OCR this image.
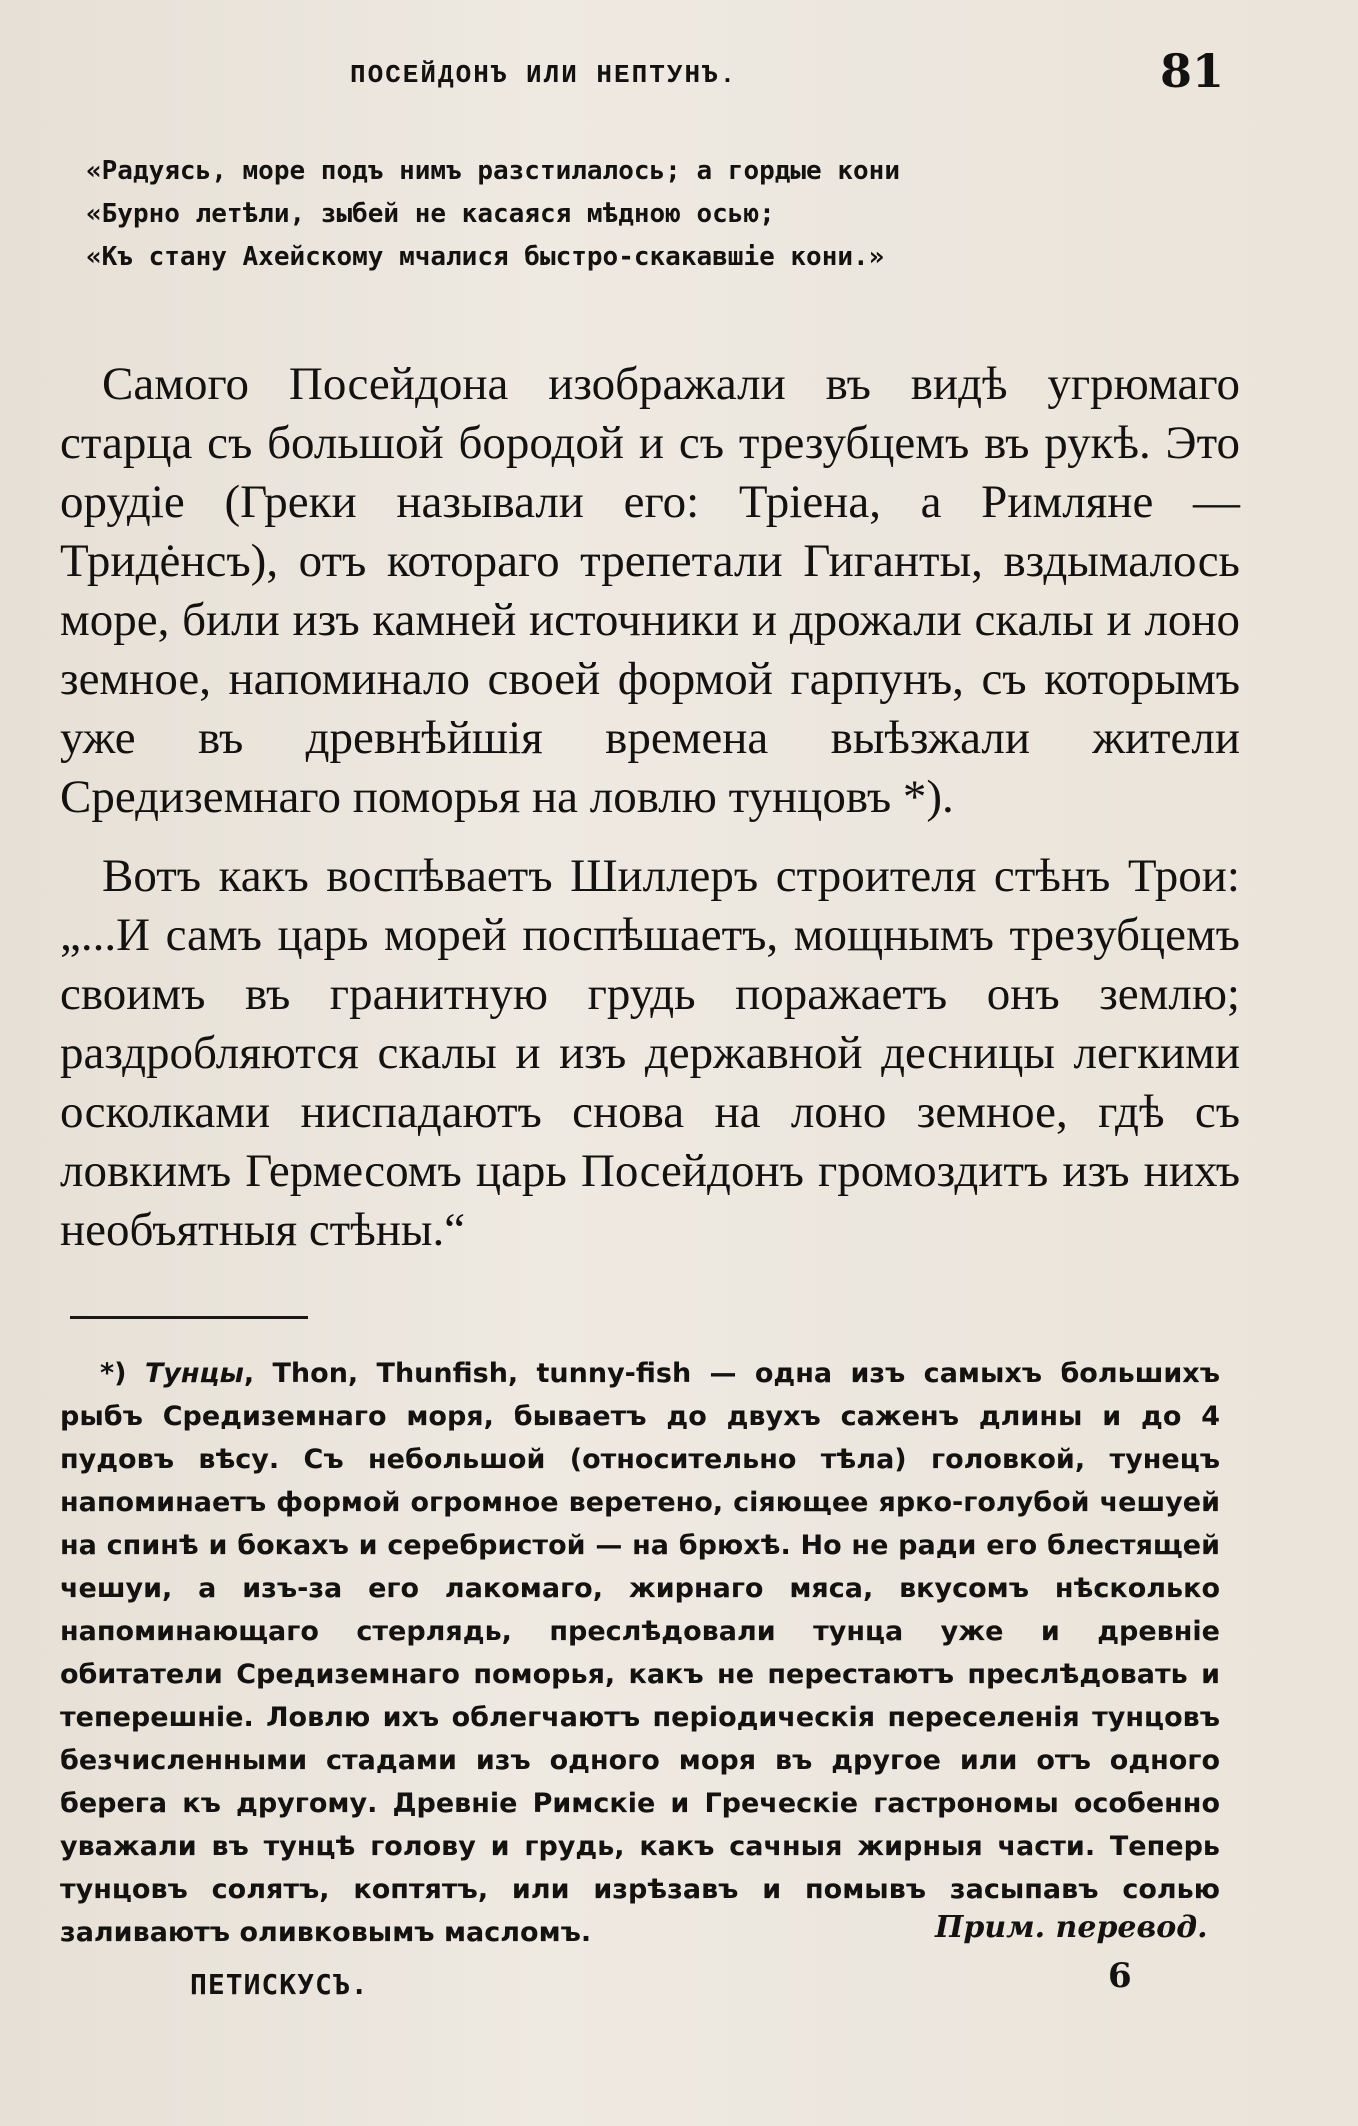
ПОСЕЙДОНЪ ИЛИ НЕПТУНЪ.	81
«Радуясь, море подъ нимъ разстилалось; а гордые кони
«Бурно летѣли, зыбей не касаяся мѣдною осью;
«Къ стану Ахейскому мчалися быстро-скакавшіе кони.»

Самого Посейдона изображали въ видѣ угрюмаго старца съ большой бородой и съ трезубцемъ въ рукѣ. Это орудіе (Греки называли его: Тріена, а Римляне — Тридėнсъ), отъ котораго трепетали Гиганты, вздымалось море, били изъ камней источники и дрожали скалы и лоно земное, напоминало своей формой гарпунъ, съ которымъ уже въ древнѣйшія времена выѣзжали жители Средиземнаго поморья на ловлю тунцовъ *).

Вотъ какъ воспѣваетъ Шиллеръ строителя стѣнъ Трои: „...И самъ царь морей поспѣшаетъ, мощнымъ трезубцемъ своимъ въ гранитную грудь поражаетъ онъ землю; раздробляются скалы и изъ державной десницы легкими осколками ниспадаютъ снова на лоно земное, гдѣ съ ловкимъ Гермесомъ царь Посейдонъ громоздитъ изъ нихъ необъятныя стѣны.“

*) Тунцы, Thon, Thunfish, tunny-fish — одна изъ самыхъ большихъ рыбъ Средиземнаго моря, бываетъ до двухъ саженъ длины и до 4 пудовъ вѣсу. Съ небольшой (относительно тѣла) головкой, тунецъ напоминаетъ формой огромное веретено, сіяющее ярко-голубой чешуей на спинѣ и бокахъ и серебристой — на брюхѣ. Но не ради его блестящей чешуи, а изъ-за его лакомаго, жирнаго мяса, вкусомъ нѣсколько напоминающаго стерлядь, преслѣдовали тунца уже и древніе обитатели Средиземнаго поморья, какъ не перестаютъ преслѣдовать и теперешніе. Ловлю ихъ облегчаютъ періодическія переселенія тунцовъ безчисленными стадами изъ одного моря въ другое или отъ одного берега къ другому. Древніе Римскіе и Греческіе гастрономы особенно уважали въ тунцѣ голову и грудь, какъ сачныя жирныя части. Теперь тунцовъ солятъ, коптятъ, или изрѣзавъ и помывъ засыпавъ солью заливаютъ оливковымъ масломъ.	Прим. перевод.
ПЕТИСКУСЪ.	6
